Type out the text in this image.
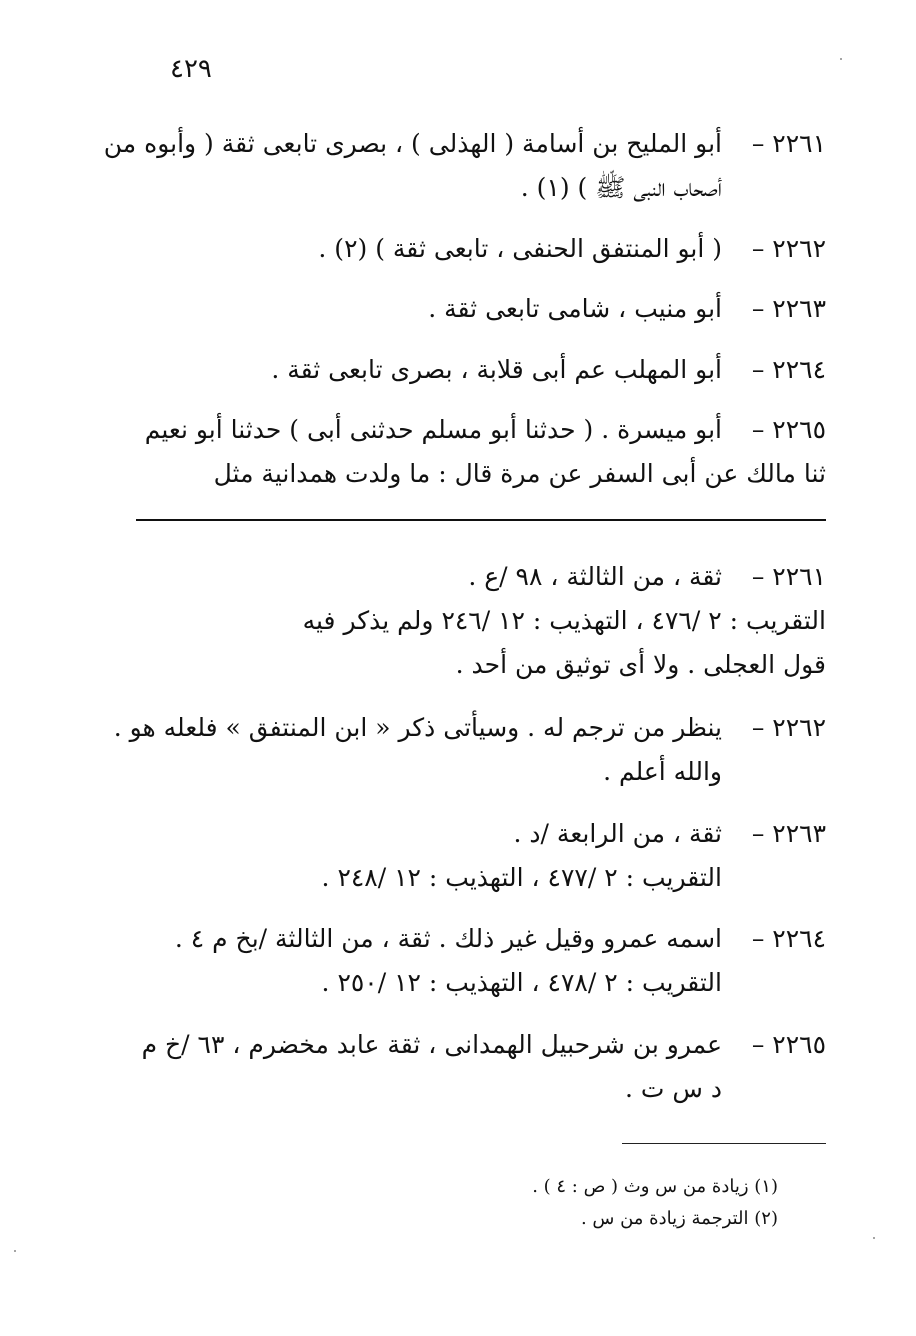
٤٢٩
٢٢٦١ –أبو المليح بن أسامة ( الهذلى ) ، بصرى تابعى ثقة ( وأبوه من
أصحاب النبى ﷺ ) (١) .
٢٢٦٢ –( أبو المنتفق الحنفى ، تابعى ثقة ) (٢) .
٢٢٦٣ –أبو منيب ، شامى تابعى ثقة .
٢٢٦٤ –أبو المهلب عم أبى قلابة ، بصرى تابعى ثقة .
٢٢٦٥ –أبو ميسرة . ( حدثنا أبو مسلم حدثنى أبى ) حدثنا أبو نعيم
ثنا مالك عن أبى السفر عن مرة قال : ما ولدت همدانية مثل
٢٢٦١ –ثقة ، من الثالثة ، ٩٨ /ع .
التقريب : ٢ /٤٧٦ ، التهذيب : ١٢ /٢٤٦ ولم يذكر فيه
قول العجلى . ولا أى توثيق من أحد .
٢٢٦٢ –ينظر من ترجم له . وسيأتى ذكر « ابن المنتفق » فلعله هو .
والله أعلم .
٢٢٦٣ –ثقة ، من الرابعة /د .
التقريب : ٢ /٤٧٧ ، التهذيب : ١٢ /٢٤٨ .
٢٢٦٤ –اسمه عمرو وقيل غير ذلك . ثقة ، من الثالثة /بخ م ٤ .
التقريب : ٢ /٤٧٨ ، التهذيب : ١٢ /٢٥٠ .
٢٢٦٥ –عمرو بن شرحبيل الهمدانى ، ثقة عابد مخضرم ، ٦٣ /خ م
د س ت .
(١) زيادة من س وث ( ص : ٤ ) .
(٢) الترجمة زيادة من س .
